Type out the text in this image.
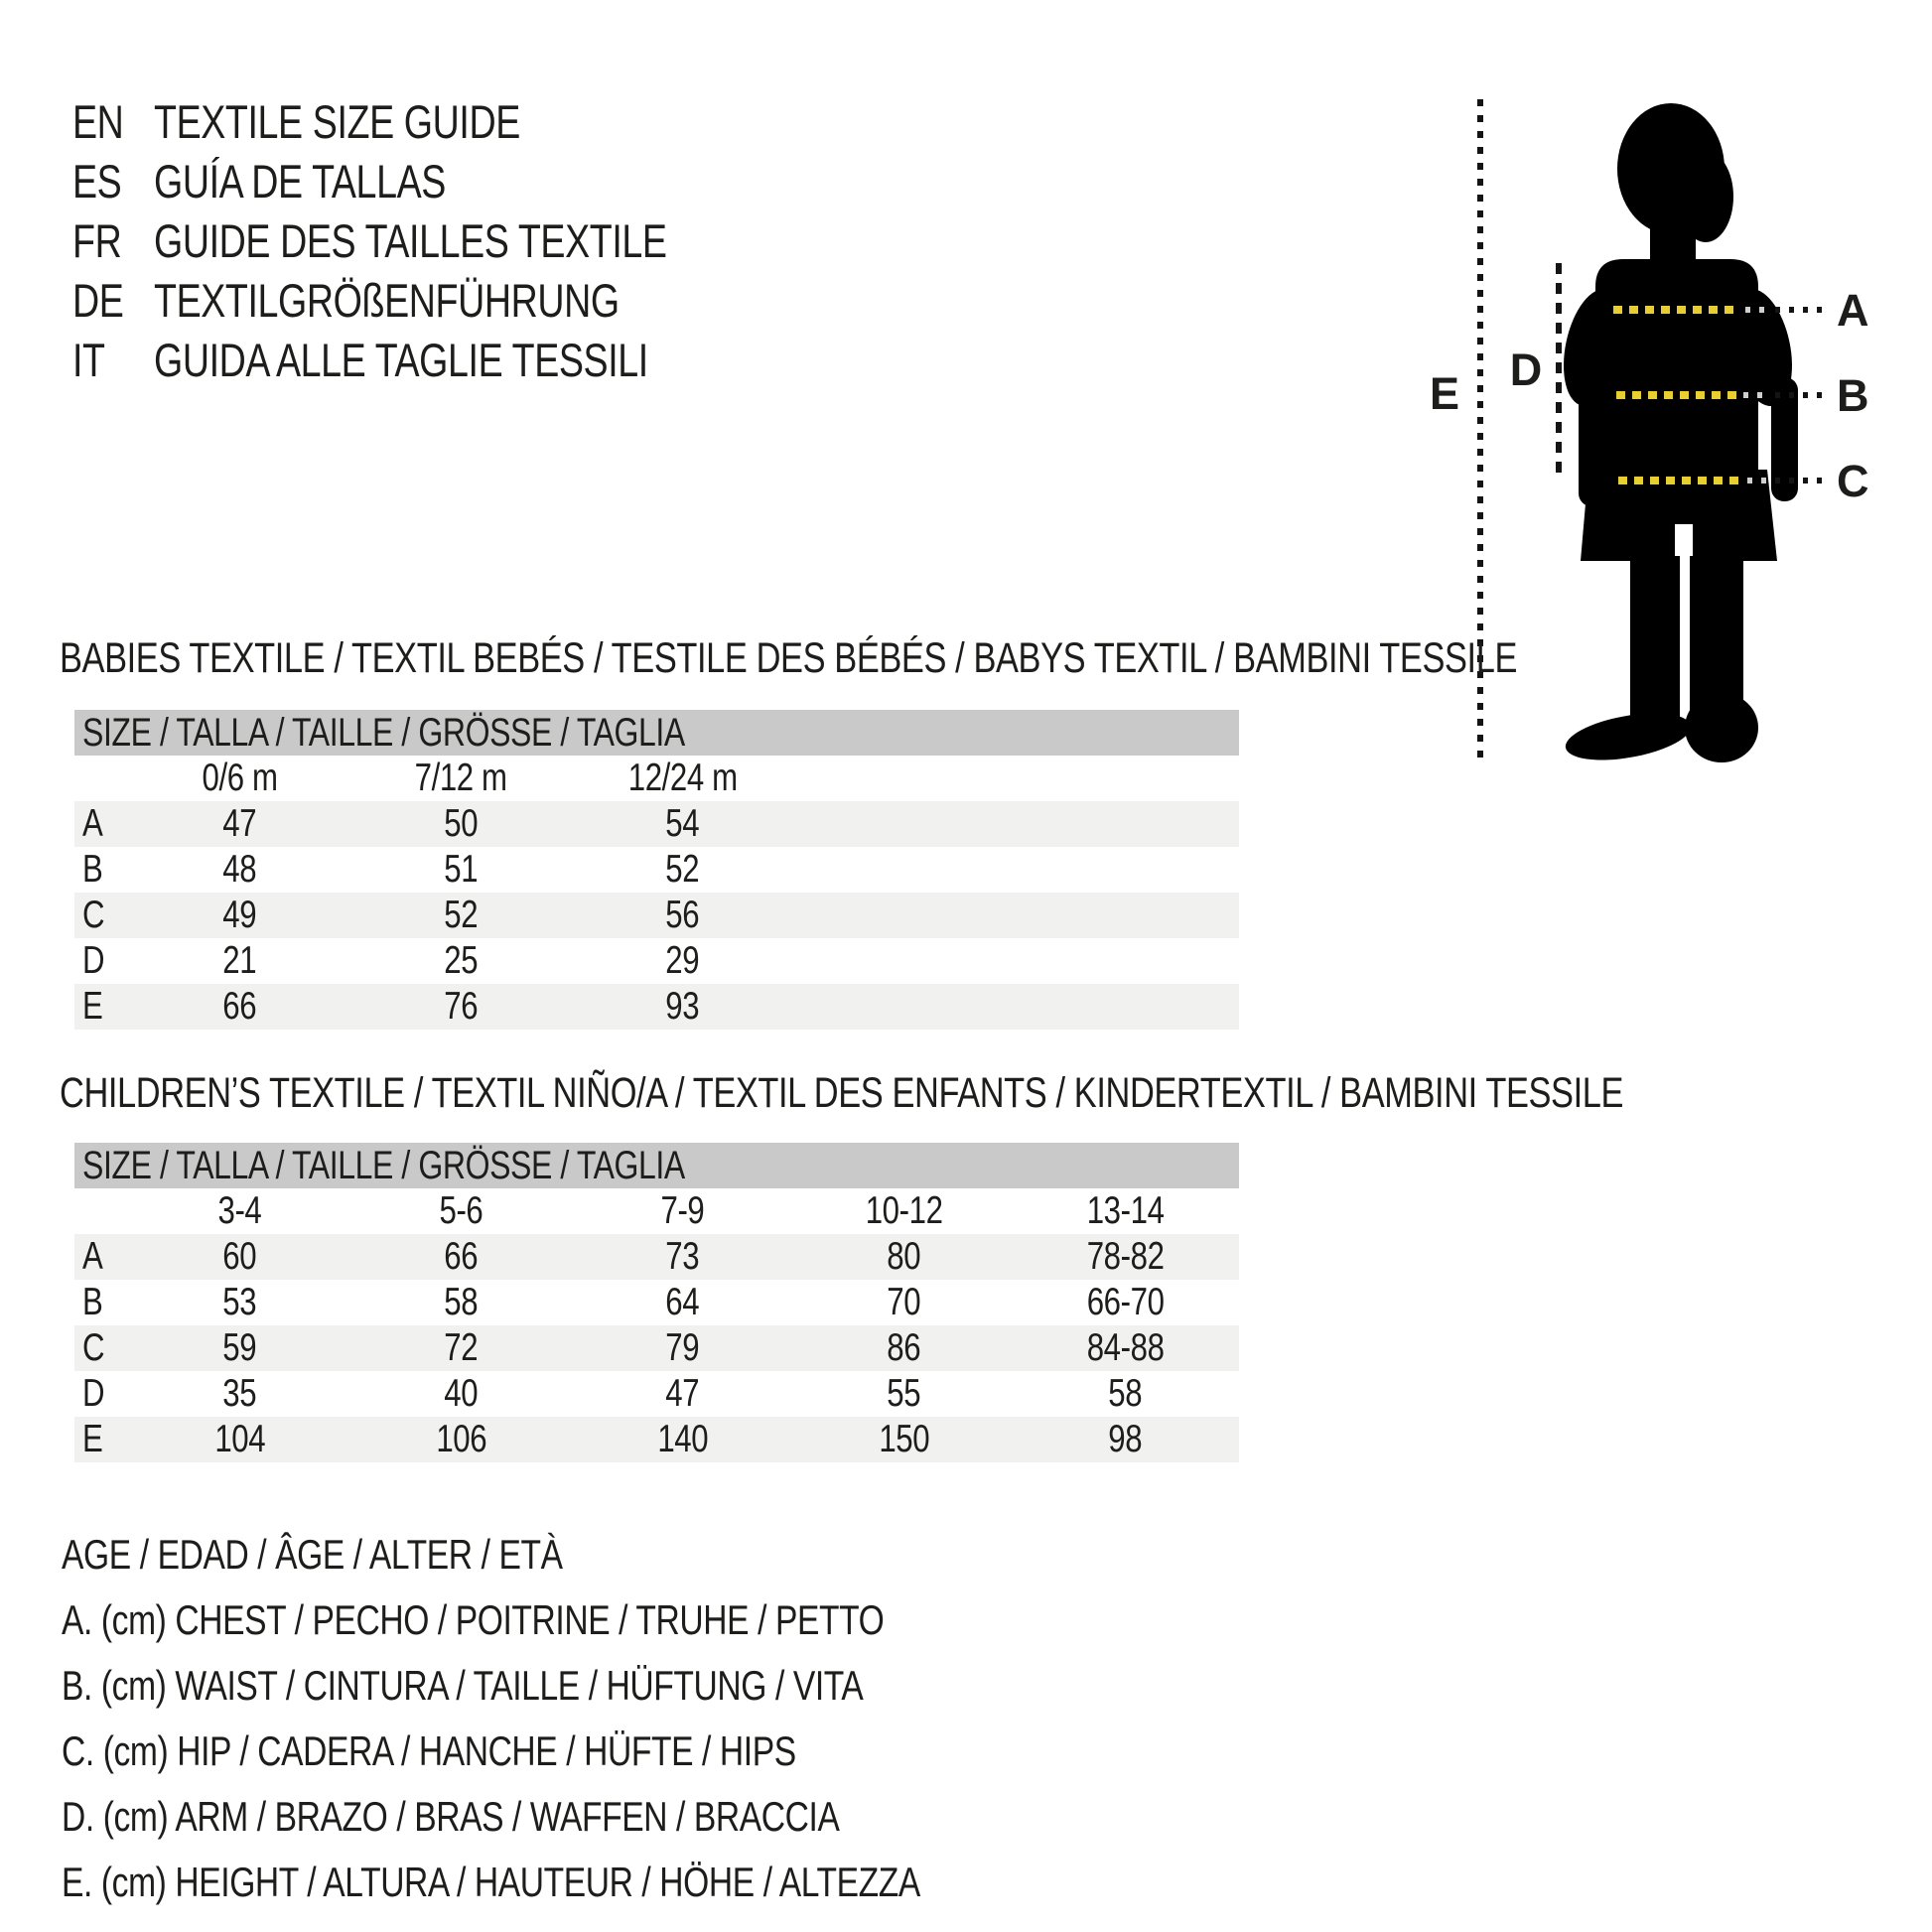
EN TEXTILE SIZE GUIDE
ES GUÍA DE TALLAS
FR GUIDE DES TAILLES TEXTILE
DE TEXTILGRÖßENFÜHRUNG
IT	GUIDA ALLE TAGLIE TESSILI
E D
A
B
C
BABIES TEXTILE / TEXTIL BEBÉS / TESTILE DES BÉBÉS / BABYS TEXTIL / BAMBINI TESSILE
SIZE / TALLA / TAILLE / GRÖSSE / TAGLIA
0/6 m	7/12 m	12/24 m
A	47	50	54
B	48	51	52
C	49	52	56
D	21	25	29
E	66	76	93
CHILDREN’S TEXTILE / TEXTIL NIÑO/A / TEXTIL DES ENFANTS / KINDERTEXTIL / BAMBINI TESSILE
SIZE / TALLA / TAILLE / GRÖSSE / TAGLIA
3-4	5-6	7-9	10-12	13-14
A	60	66	73	80	78-82
B	53	58	64	70	66-70
C	59	72	79	86	84-88
D	35	40	47	55	58
E	104	106	140	150	98
AGE / EDAD / ÂGE / ALTER / ETÀ
A. (cm) CHEST / PECHO / POITRINE / TRUHE / PETTO
B. (cm) WAIST / CINTURA / TAILLE / HÜFTUNG / VITA
C. (cm) HIP / CADERA / HANCHE / HÜFTE / HIPS
D. (cm) ARM / BRAZO / BRAS / WAFFEN / BRACCIA
E. (cm) HEIGHT / ALTURA / HAUTEUR / HÖHE / ALTEZZA
